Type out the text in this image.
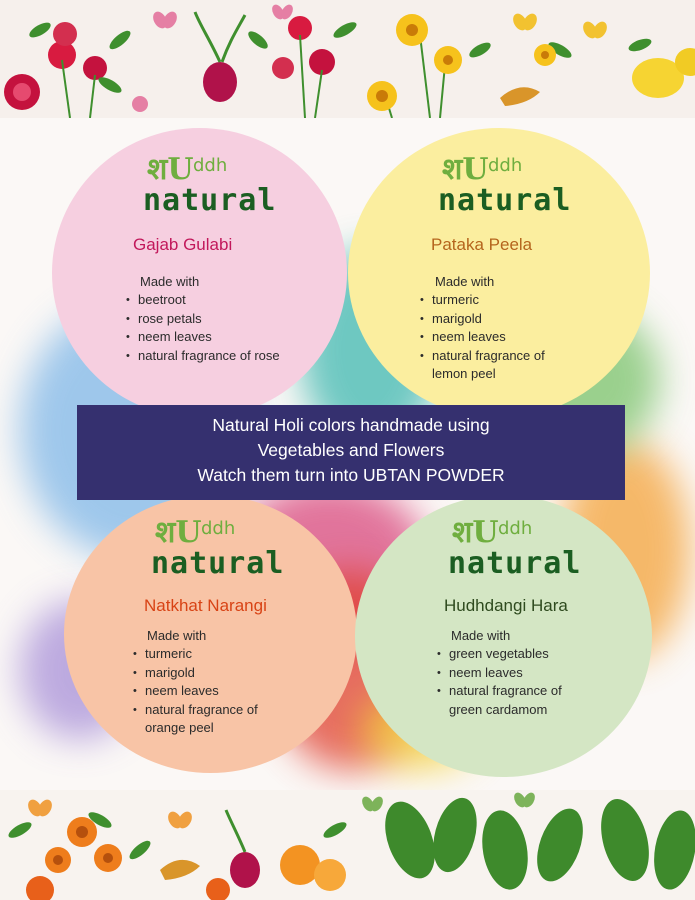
शU ddh
natural
Gajab Gulabi
Made with
• beetroot
• rose petals
• neem leaves
• natural fragrance of rose
शU ddh
natural
Pataka Peela
Made with
• turmeric
• marigold
• neem leaves
• natural fragrance of
lemon peel
Natural Holi colors handmade using
Vegetables and Flowers
Watch them turn into UBTAN POWDER
शU ddh
natural
Natkhat Narangi
Made with
• turmeric
• marigold
• neem leaves
• natural fragrance of
orange peel
शU ddh
natural
Hudhdangi Hara
Made with
• green vegetables
• neem leaves
• natural fragrance of
green cardamom
